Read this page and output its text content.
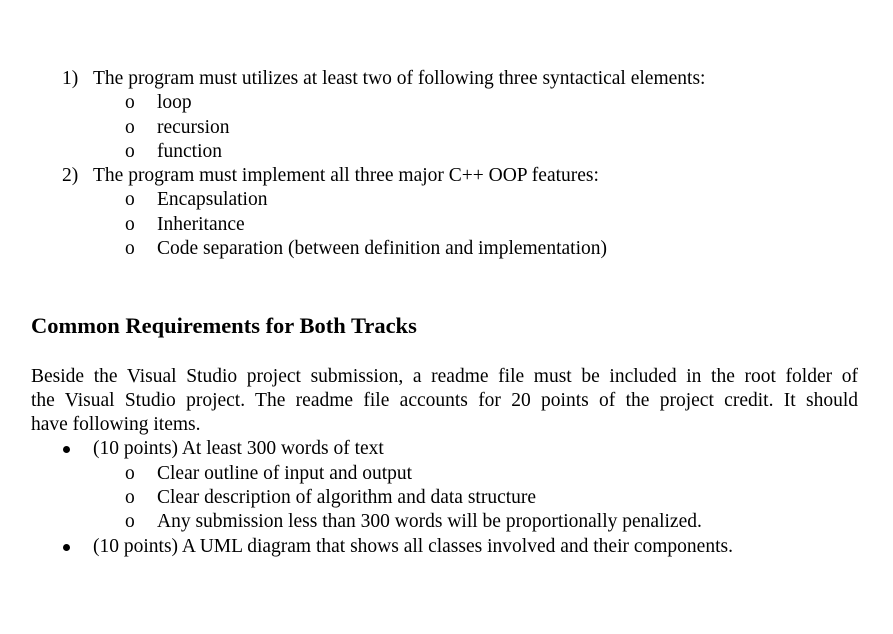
1) The program must utilizes at least two of following three syntactical elements:
o loop
o recursion
o function
2) The program must implement all three major C++ OOP features:
o Encapsulation
o Inheritance
o Code separation (between definition and implementation)
Common Requirements for Both Tracks
Beside the Visual Studio project submission, a readme file must be included in the root folder of
the Visual Studio project. The readme file accounts for 20 points of the project credit. It should
have following items.
(10 points) At least 300 words of text
o Clear outline of input and output
o Clear description of algorithm and data structure
o Any submission less than 300 words will be proportionally penalized.
(10 points) A UML diagram that shows all classes involved and their components.
